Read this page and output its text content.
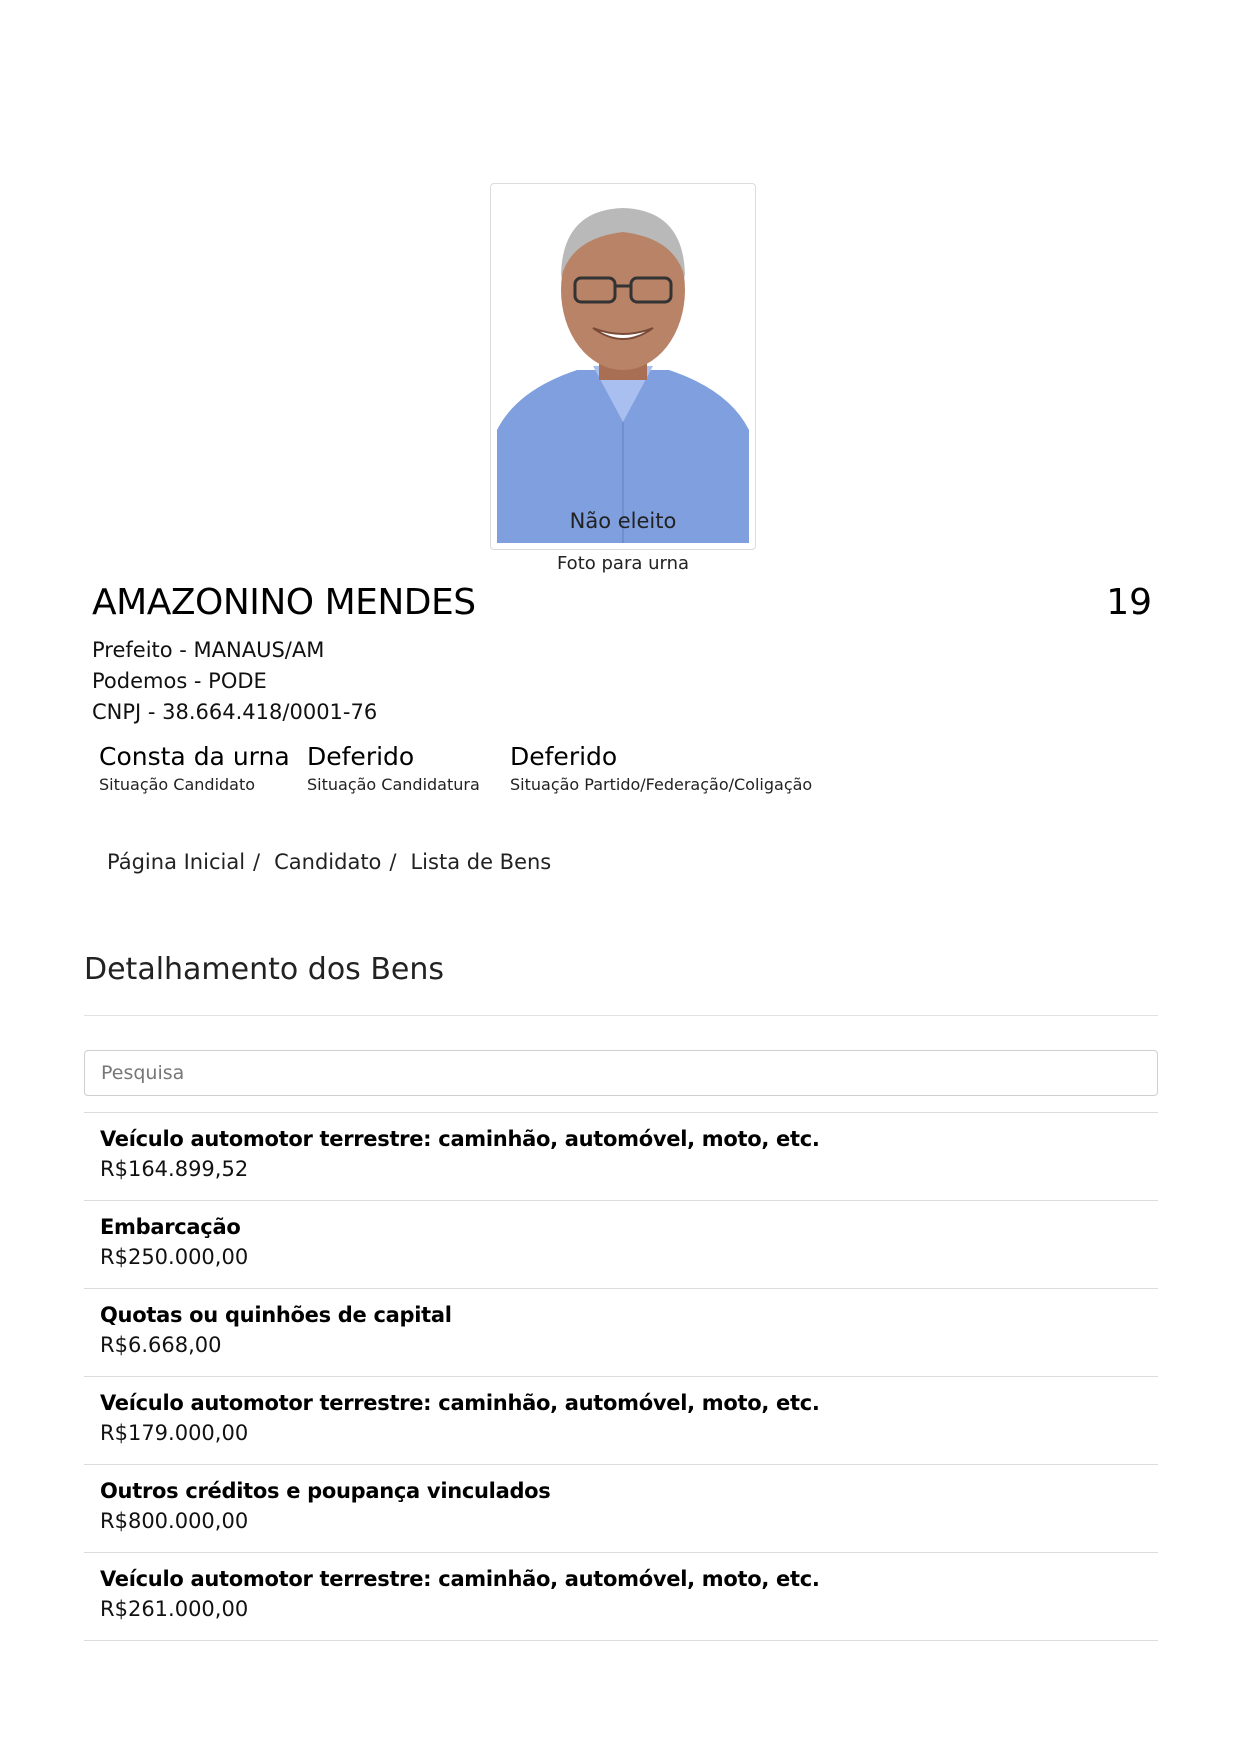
Não eleito
Foto para urna
AMAZONINO MENDES	19
Prefeito - MANAUS/AM
Podemos - PODE
CNPJ - 38.664.418/0001-76
Consta da urna
Situação Candidato
Deferido
Situação Candidatura
Deferido
Situação Partido/Federação/Coligação
Página Inicial / Candidato / Lista de Bens
Detalhamento dos Bens
Pesquisa
Veículo automotor terrestre: caminhão, automóvel, moto, etc.
R$164.899,52
Embarcação
R$250.000,00
Quotas ou quinhões de capital
R$6.668,00
Veículo automotor terrestre: caminhão, automóvel, moto, etc.
R$179.000,00
Outros créditos e poupança vinculados
R$800.000,00
Veículo automotor terrestre: caminhão, automóvel, moto, etc.
R$261.000,00
